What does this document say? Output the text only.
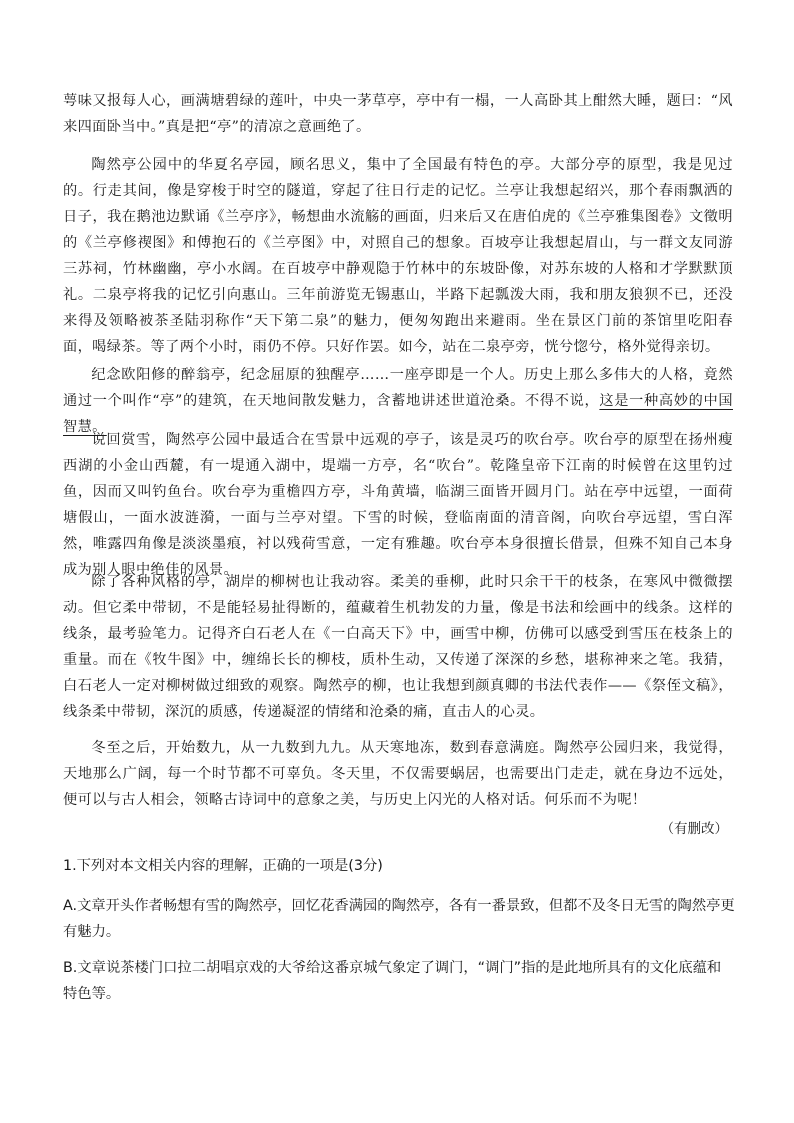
萼味又报每人心，画满塘碧绿的莲叶，中央一茅草亭，亭中有一榻，一人高卧其上酣然大睡，题曰：“风来四面卧当中。”真是把“亭”的清凉之意画绝了。

陶然亭公园中的华夏名亭园，顾名思义，集中了全国最有特色的亭。大部分亭的原型，我是见过的。行走其间，像是穿梭于时空的隧道，穿起了往日行走的记忆。兰亭让我想起绍兴，那个春雨飘洒的日子，我在鹅池边默诵《兰亭序》，畅想曲水流觞的画面，归来后又在唐伯虎的《兰亭雅集图卷》文徵明的《兰亭修禊图》和傅抱石的《兰亭图》中，对照自己的想象。百坡亭让我想起眉山，与一群文友同游三苏祠，竹林幽幽，亭小水阔。在百坡亭中静观隐于竹林中的东坡卧像，对苏东坡的人格和才学默默顶礼。二泉亭将我的记忆引向惠山。三年前游览无锡惠山，半路下起瓢泼大雨，我和朋友狼狈不已，还没来得及领略被茶圣陆羽称作“天下第二泉”的魅力，便匆匆跑出来避雨。坐在景区门前的茶馆里吃阳春面，喝绿茶。等了两个小时，雨仍不停。只好作罢。如今，站在二泉亭旁，恍兮惚兮，格外觉得亲切。

纪念欧阳修的醉翁亭，纪念屈原的独醒亭……一座亭即是一个人。历史上那么多伟大的人格，竟然通过一个叫作“亭”的建筑，在天地间散发魅力，含蓄地讲述世道沧桑。不得不说，这是一种高妙的中国智慧。

说回赏雪，陶然亭公园中最适合在雪景中远观的亭子，该是灵巧的吹台亭。吹台亭的原型在扬州瘦西湖的小金山西麓，有一堤通入湖中，堤端一方亭，名“吹台”。乾隆皇帝下江南的时候曾在这里钓过鱼，因而又叫钓鱼台。吹台亭为重檐四方亭，斗角黄墙，临湖三面皆开圆月门。站在亭中远望，一面荷塘假山，一面水波涟漪，一面与兰亭对望。下雪的时候，登临南面的清音阁，向吹台亭远望，雪白浑然，唯露四角像是淡淡墨痕，衬以残荷雪意，一定有雅趣。吹台亭本身很擅长借景，但殊不知自己本身成为别人眼中绝佳的风景。

除了各种风格的亭，湖岸的柳树也让我动容。柔美的垂柳，此时只余干干的枝条，在寒风中微微摆动。但它柔中带韧，不是能轻易扯得断的，蕴藏着生机勃发的力量，像是书法和绘画中的线条。这样的线条，最考验笔力。记得齐白石老人在《一白高天下》中，画雪中柳，仿佛可以感受到雪压在枝条上的重量。而在《牧牛图》中，缠绵长长的柳枝，质朴生动，又传递了深深的乡愁，堪称神来之笔。我猜，白石老人一定对柳树做过细致的观察。陶然亭的柳，也让我想到颜真卿的书法代表作——《祭侄文稿》，线条柔中带韧，深沉的质感，传递凝涩的情绪和沧桑的痛，直击人的心灵。

冬至之后，开始数九，从一九数到九九。从天寒地冻，数到春意满庭。陶然亭公园归来，我觉得，天地那么广阔，每一个时节都不可辜负。冬天里，不仅需要蜗居，也需要出门走走，就在身边不远处，便可以与古人相会，领略古诗词中的意象之美，与历史上闪光的人格对话。何乐而不为呢！

（有删改）

1.下列对本文相关内容的理解，正确的一项是(3分)

A.文章开头作者畅想有雪的陶然亭，回忆花香满园的陶然亭，各有一番景致，但都不及冬日无雪的陶然亭更有魅力。

B.文章说茶楼门口拉二胡唱京戏的大爷给这番京城气象定了调门，“调门”指的是此地所具有的文化底蕴和特色等。
